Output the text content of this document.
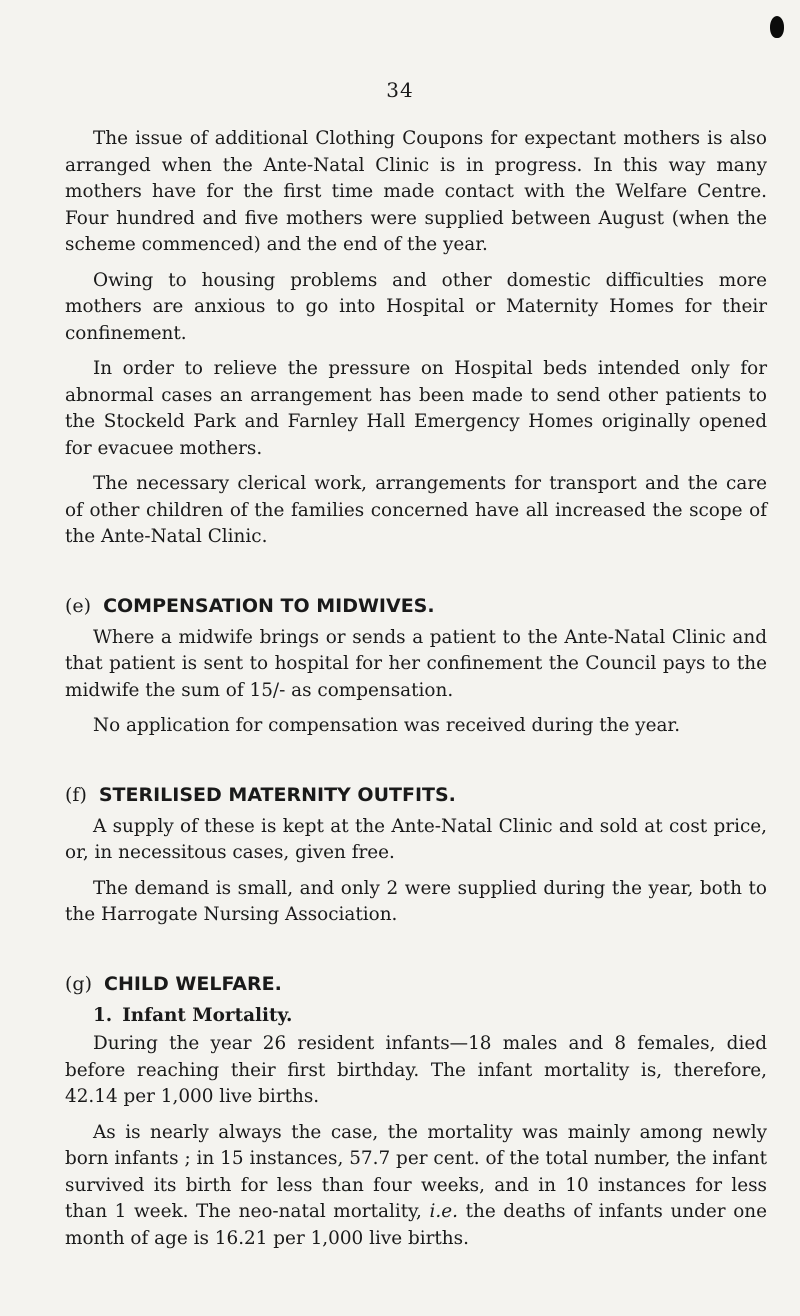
34

The issue of additional Clothing Coupons for expectant mothers is also arranged when the Ante-Natal Clinic is in progress. In this way many mothers have for the first time made contact with the Welfare Centre. Four hundred and five mothers were supplied between August (when the scheme commenced) and the end of the year.

Owing to housing problems and other domestic difficulties more mothers are anxious to go into Hospital or Maternity Homes for their confinement.

In order to relieve the pressure on Hospital beds intended only for abnormal cases an arrangement has been made to send other patients to the Stockeld Park and Farnley Hall Emergency Homes originally opened for evacuee mothers.

The necessary clerical work, arrangements for transport and the care of other children of the families concerned have all increased the scope of the Ante-Natal Clinic.

(e) COMPENSATION TO MIDWIVES.

Where a midwife brings or sends a patient to the Ante-Natal Clinic and that patient is sent to hospital for her confinement the Council pays to the midwife the sum of 15/- as compensation.

No application for compensation was received during the year.

(f) STERILISED MATERNITY OUTFITS.

A supply of these is kept at the Ante-Natal Clinic and sold at cost price, or, in necessitous cases, given free.

The demand is small, and only 2 were supplied during the year, both to the Harrogate Nursing Association.

(g) CHILD WELFARE.
1. Infant Mortality.

During the year 26 resident infants—18 males and 8 females, died before reaching their first birthday. The infant mortality is, therefore, 42.14 per 1,000 live births.

As is nearly always the case, the mortality was mainly among newly born infants ; in 15 instances, 57.7 per cent. of the total number, the infant survived its birth for less than four weeks, and in 10 instances for less than 1 week. The neo-natal mortality, i.e. the deaths of infants under one month of age is 16.21 per 1,000 live births.
